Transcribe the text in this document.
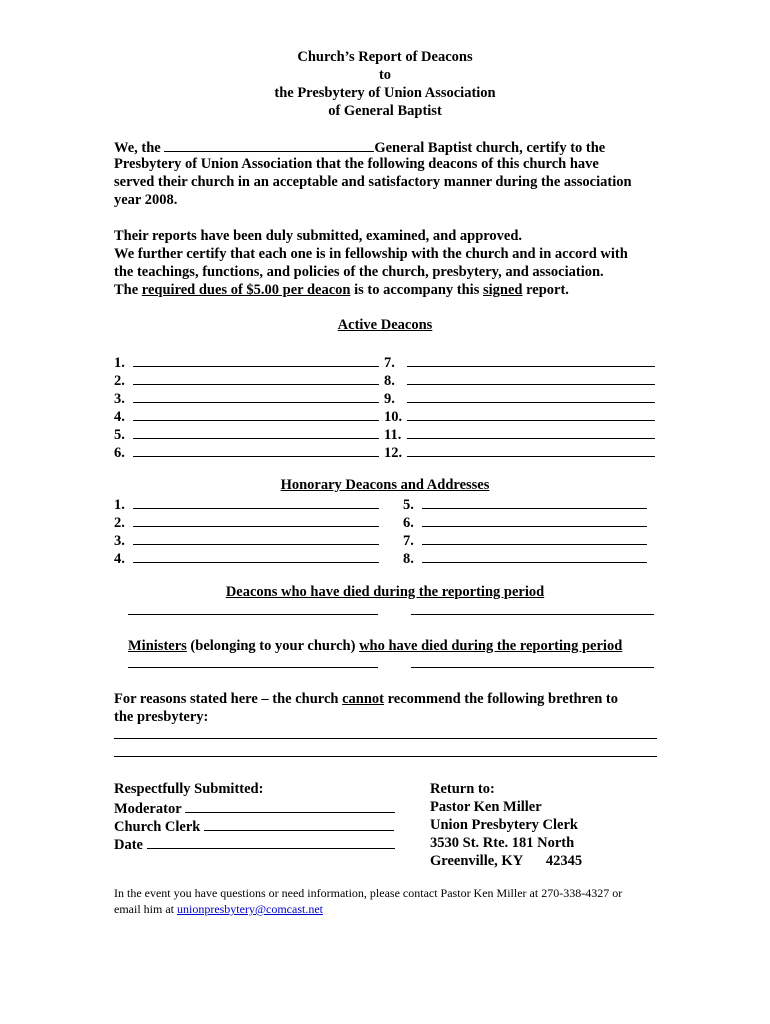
Church’s Report of Deacons
to
the Presbytery of Union Association
of General Baptist
We, the	General Baptist church, certify to the
Presbytery of Union Association that the following deacons of this church have
served their church in an acceptable and satisfactory manner during the association
year 2008.
Their reports have been duly submitted, examined, and approved.
We further certify that each one is in fellowship with the church and in accord with
the teachings, functions, and policies of the church, presbytery, and association.
The required dues of $5.00 per deacon is to accompany this signed report.
Active Deacons
1.	7.
2.	8.
3.	9.
4.	10.
5.	11.
6.	12.
Honorary Deacons and Addresses
1.	5.
2.	6.
3.	7.
4.	8.
Deacons who have died during the reporting period
Ministers (belonging to your church) who have died during the reporting period
For reasons stated here – the church cannot recommend the following brethren to
the presbytery:
Respectfully Submitted:
Moderator
Church Clerk
Date
Return to:
Pastor Ken Miller
Union Presbytery Clerk
3530 St. Rte. 181 North
Greenville, KY 42345
In the event you have questions or need information, please contact Pastor Ken Miller at 270-338-4327 or
email him at unionpresbytery@comcast.net
